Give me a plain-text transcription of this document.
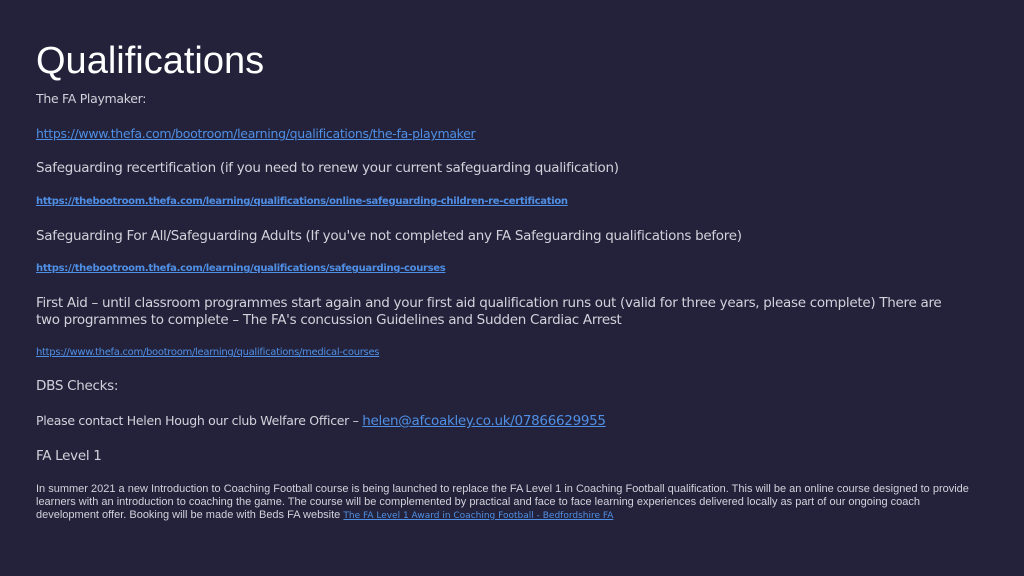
Qualifications
The FA Playmaker:
https://www.thefa.com/bootroom/learning/qualifications/the-fa-playmaker
Safeguarding recertification (if you need to renew your current safeguarding qualification)
https://thebootroom.thefa.com/learning/qualifications/online-safeguarding-children-re-certification
Safeguarding For All/Safeguarding Adults (If you've not completed any FA Safeguarding qualifications before)
https://thebootroom.thefa.com/learning/qualifications/safeguarding-courses
First Aid – until classroom programmes start again and your first aid qualification runs out (valid for three years, please complete) There are two programmes to complete – The FA's concussion Guidelines and Sudden Cardiac Arrest
https://www.thefa.com/bootroom/learning/qualifications/medical-courses
DBS Checks:
Please contact Helen Hough our club Welfare Officer – helen@afcoakley.co.uk/07866629955
FA Level 1
In summer 2021 a new Introduction to Coaching Football course is being launched to replace the FA Level 1 in Coaching Football qualification. This will be an online course designed to provide learners with an introduction to coaching the game. The course will be complemented by practical and face to face learning experiences delivered locally as part of our ongoing coach development offer. Booking will be made with Beds FA website The FA Level 1 Award in Coaching Football - Bedfordshire FA
